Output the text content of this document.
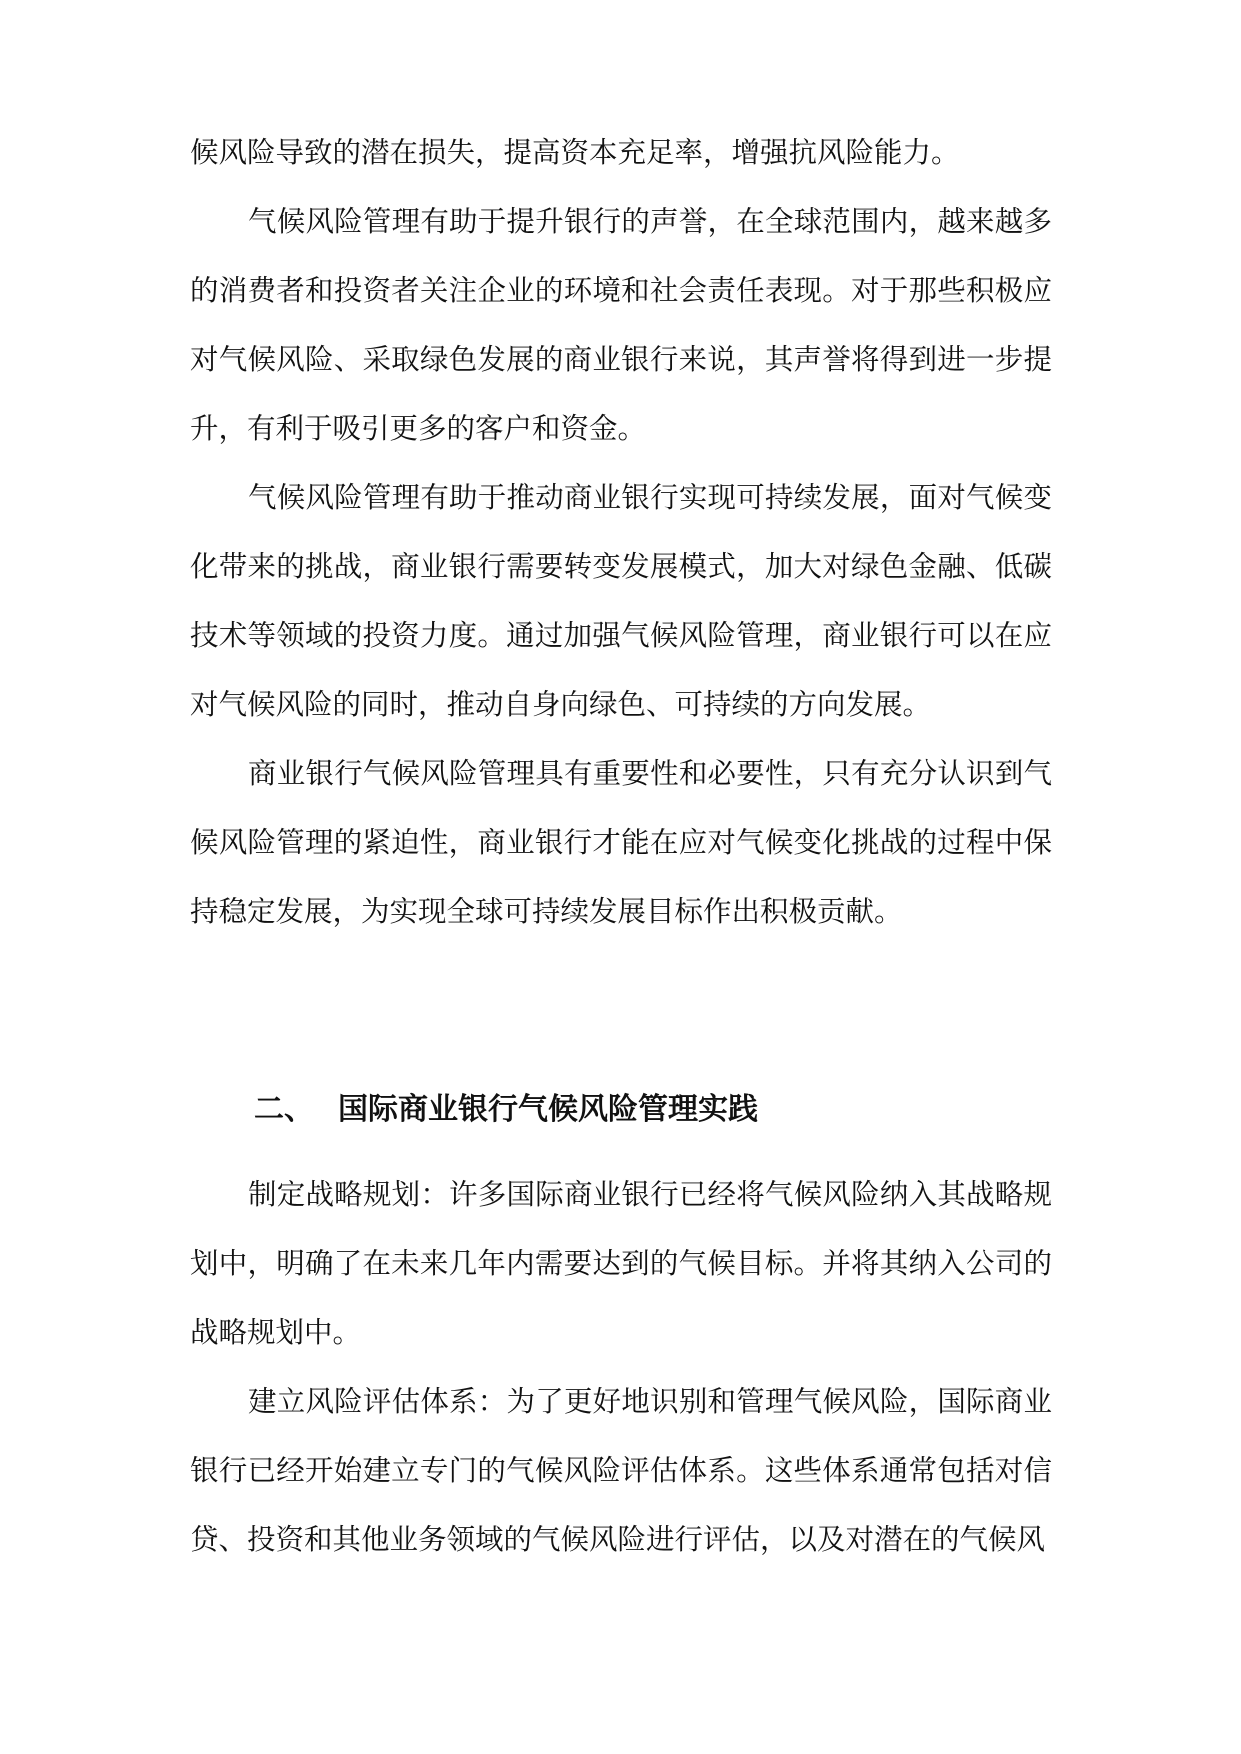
候风险导致的潜在损失，提高资本充足率，增强抗风险能力。

气候风险管理有助于提升银行的声誉，在全球范围内，越来越多的消费者和投资者关注企业的环境和社会责任表现。对于那些积极应对气候风险、采取绿色发展的商业银行来说，其声誉将得到进一步提升，有利于吸引更多的客户和资金。

气候风险管理有助于推动商业银行实现可持续发展，面对气候变化带来的挑战，商业银行需要转变发展模式，加大对绿色金融、低碳技术等领域的投资力度。通过加强气候风险管理，商业银行可以在应对气候风险的同时，推动自身向绿色、可持续的方向发展。

商业银行气候风险管理具有重要性和必要性，只有充分认识到气候风险管理的紧迫性，商业银行才能在应对气候变化挑战的过程中保持稳定发展，为实现全球可持续发展目标作出积极贡献。

二、 国际商业银行气候风险管理实践

制定战略规划：许多国际商业银行已经将气候风险纳入其战略规划中，明确了在未来几年内需要达到的气候目标。并将其纳入公司的战略规划中。

建立风险评估体系：为了更好地识别和管理气候风险，国际商业银行已经开始建立专门的气候风险评估体系。这些体系通常包括对信贷、投资和其他业务领域的气候风险进行评估，以及对潜在的气候风
